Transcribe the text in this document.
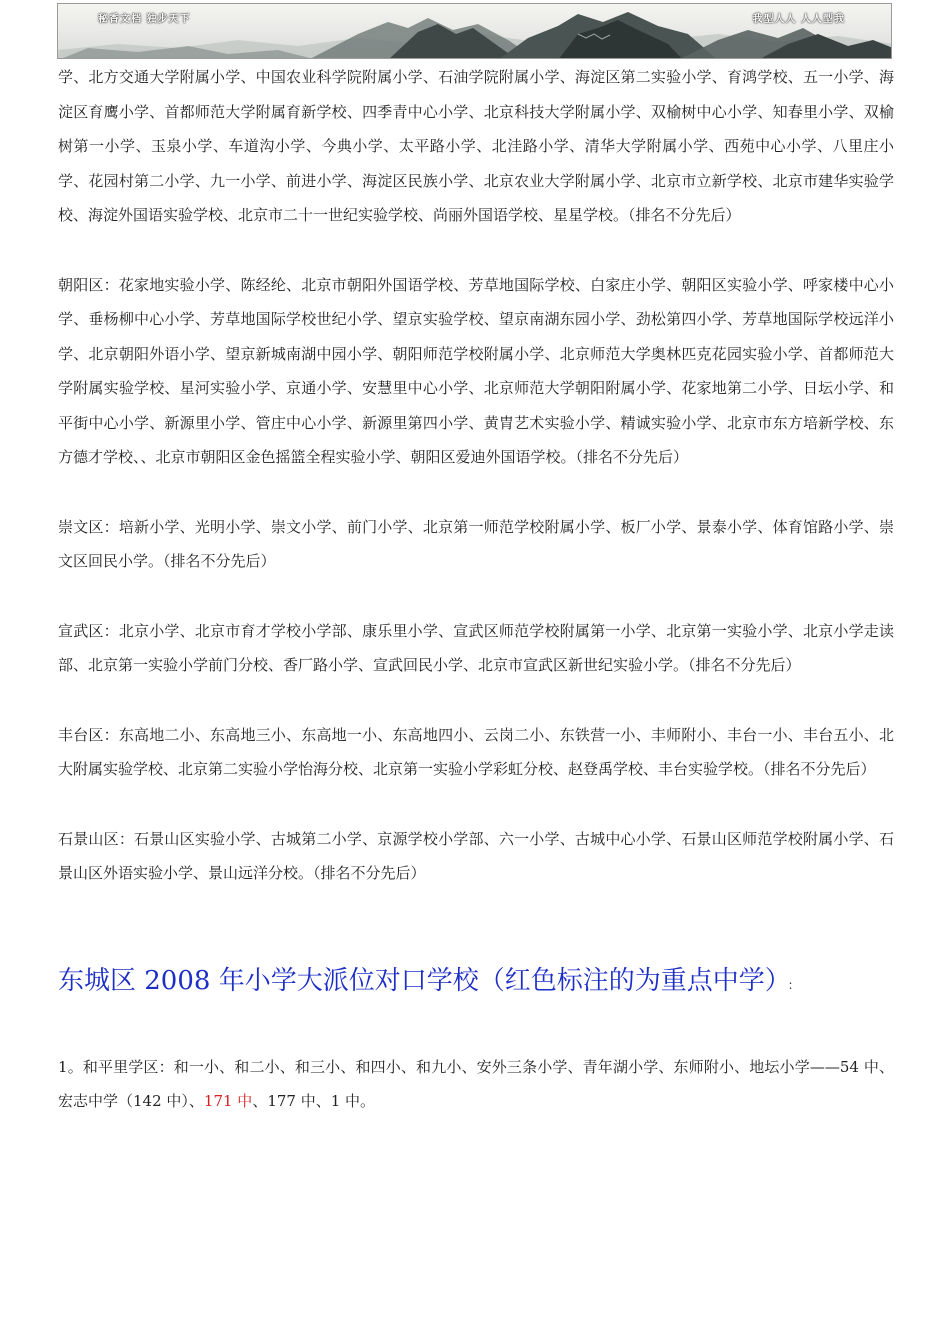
秘香文档 独步天下	我型人人 人人型我

学、北方交通大学附属小学、中国农业科学院附属小学、石油学院附属小学、海淀区第二实验小学、育鸿学校、五一小学、海淀区育鹰小学、首都师范大学附属育新学校、四季青中心小学、北京科技大学附属小学、双榆树中心小学、知春里小学、双榆树第一小学、玉泉小学、车道沟小学、今典小学、太平路小学、北洼路小学、清华大学附属小学、西苑中心小学、八里庄小学、花园村第二小学、九一小学、前进小学、海淀区民族小学、北京农业大学附属小学、北京市立新学校、北京市建华实验学校、海淀外国语实验学校、北京市二十一世纪实验学校、尚丽外国语学校、星星学校。（排名不分先后）

朝阳区：花家地实验小学、陈经纶、北京市朝阳外国语学校、芳草地国际学校、白家庄小学、朝阳区实验小学、呼家楼中心小学、垂杨柳中心小学、芳草地国际学校世纪小学、望京实验学校、望京南湖东园小学、劲松第四小学、芳草地国际学校远洋小学、北京朝阳外语小学、望京新城南湖中园小学、朝阳师范学校附属小学、北京师范大学奥林匹克花园实验小学、首都师范大学附属实验学校、星河实验小学、京通小学、安慧里中心小学、北京师范大学朝阳附属小学、花家地第二小学、日坛小学、和平街中心小学、新源里小学、管庄中心小学、新源里第四小学、黄胄艺术实验小学、精诚实验小学、北京市东方培新学校、东方德才学校、、北京市朝阳区金色摇篮全程实验小学、朝阳区爱迪外国语学校。（排名不分先后）

崇文区：培新小学、光明小学、崇文小学、前门小学、北京第一师范学校附属小学、板厂小学、景泰小学、体育馆路小学、崇文区回民小学。（排名不分先后）

宣武区：北京小学、北京市育才学校小学部、康乐里小学、宣武区师范学校附属第一小学、北京第一实验小学、北京小学走读部、北京第一实验小学前门分校、香厂路小学、宣武回民小学、北京市宣武区新世纪实验小学。（排名不分先后）

丰台区：东高地二小、东高地三小、东高地一小、东高地四小、云岗二小、东铁营一小、丰师附小、丰台一小、丰台五小、北大附属实验学校、北京第二实验小学怡海分校、北京第一实验小学彩虹分校、赵登禹学校、丰台实验学校。（排名不分先后）

石景山区：石景山区实验小学、古城第二小学、京源学校小学部、六一小学、古城中心小学、石景山区师范学校附属小学、石景山区外语实验小学、景山远洋分校。（排名不分先后）

东城区 2008 年小学大派位对口学校（红色标注的为重点中学） ：

1。和平里学区：和一小、和二小、和三小、和四小、和九小、安外三条小学、青年湖小学、东师附小、地坛小学——54 中、宏志中学（142 中）、171 中、177 中、1 中。
